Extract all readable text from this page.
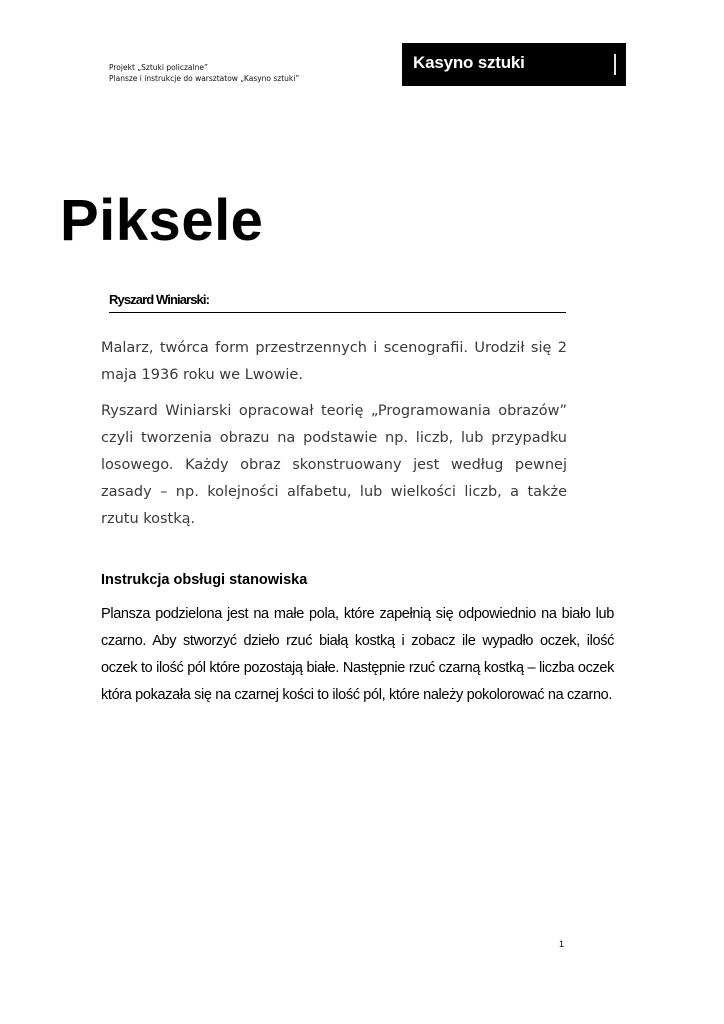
Projekt „Sztuki policzalne”
Plansze i instrukcje do warsztatow „Kasyno sztuki”
Kasyno sztuki
Piksele
Ryszard Winiarski:

Malarz, twórca form przestrzennych i scenografii. Urodził się 2 maja 1936 roku we Lwowie.

Ryszard Winiarski opracował teorię „Programowania obrazów” czyli tworzenia obrazu na podstawie np. liczb, lub przypadku losowego. Każdy obraz skonstruowany jest według pewnej zasady – np. kolejności alfabetu, lub wielkości liczb, a także rzutu kostką.

Instrukcja obsługi stanowiska
Plansza podzielona jest na małe pola, które zapełnią się odpowiednio na biało lub czarno. Aby stworzyć dzieło rzuć białą kostką i zobacz ile wypadło oczek, ilość oczek to ilość pól które pozostają białe. Następnie rzuć czarną kostką – liczba oczek która pokazała się na czarnej kości to ilość pól, które należy pokolorować na czarno.
1
